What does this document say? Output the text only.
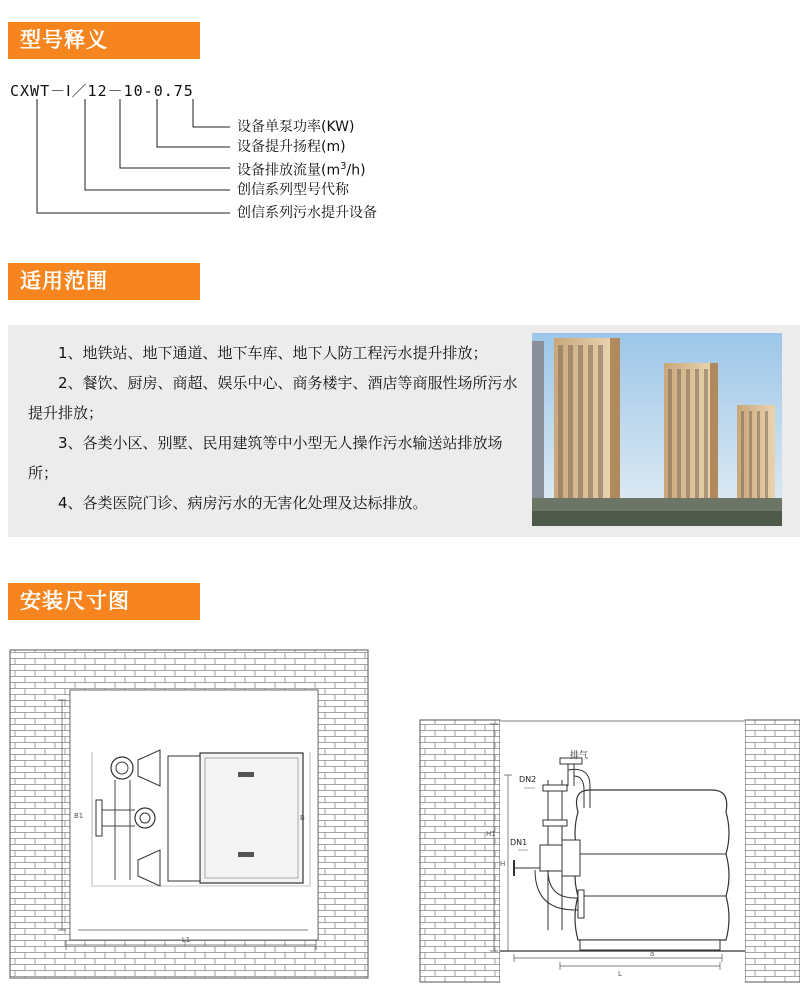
型号释义
CXWT－Ⅰ／12－10-0.75
设备单泵功率(KW)
设备提升扬程(m)
设备排放流量$(m^3/h)$
创信系列型号代称
创信系列污水提升设备
适用范围

1、地铁站、地下通道、地下车库、地下人防工程污水提升排放；

2、餐饮、厨房、商超、娱乐中心、商务楼宇、酒店等商服性场所污水提升排放；

3、各类小区、别墅、民用建筑等中小型无人操作污水输送站排放场所；

4、各类医院门诊、病房污水的无害化处理及达标排放。

安装尺寸图
L1
B1	B
排气
DN2
DN1
H1
H
a
L
